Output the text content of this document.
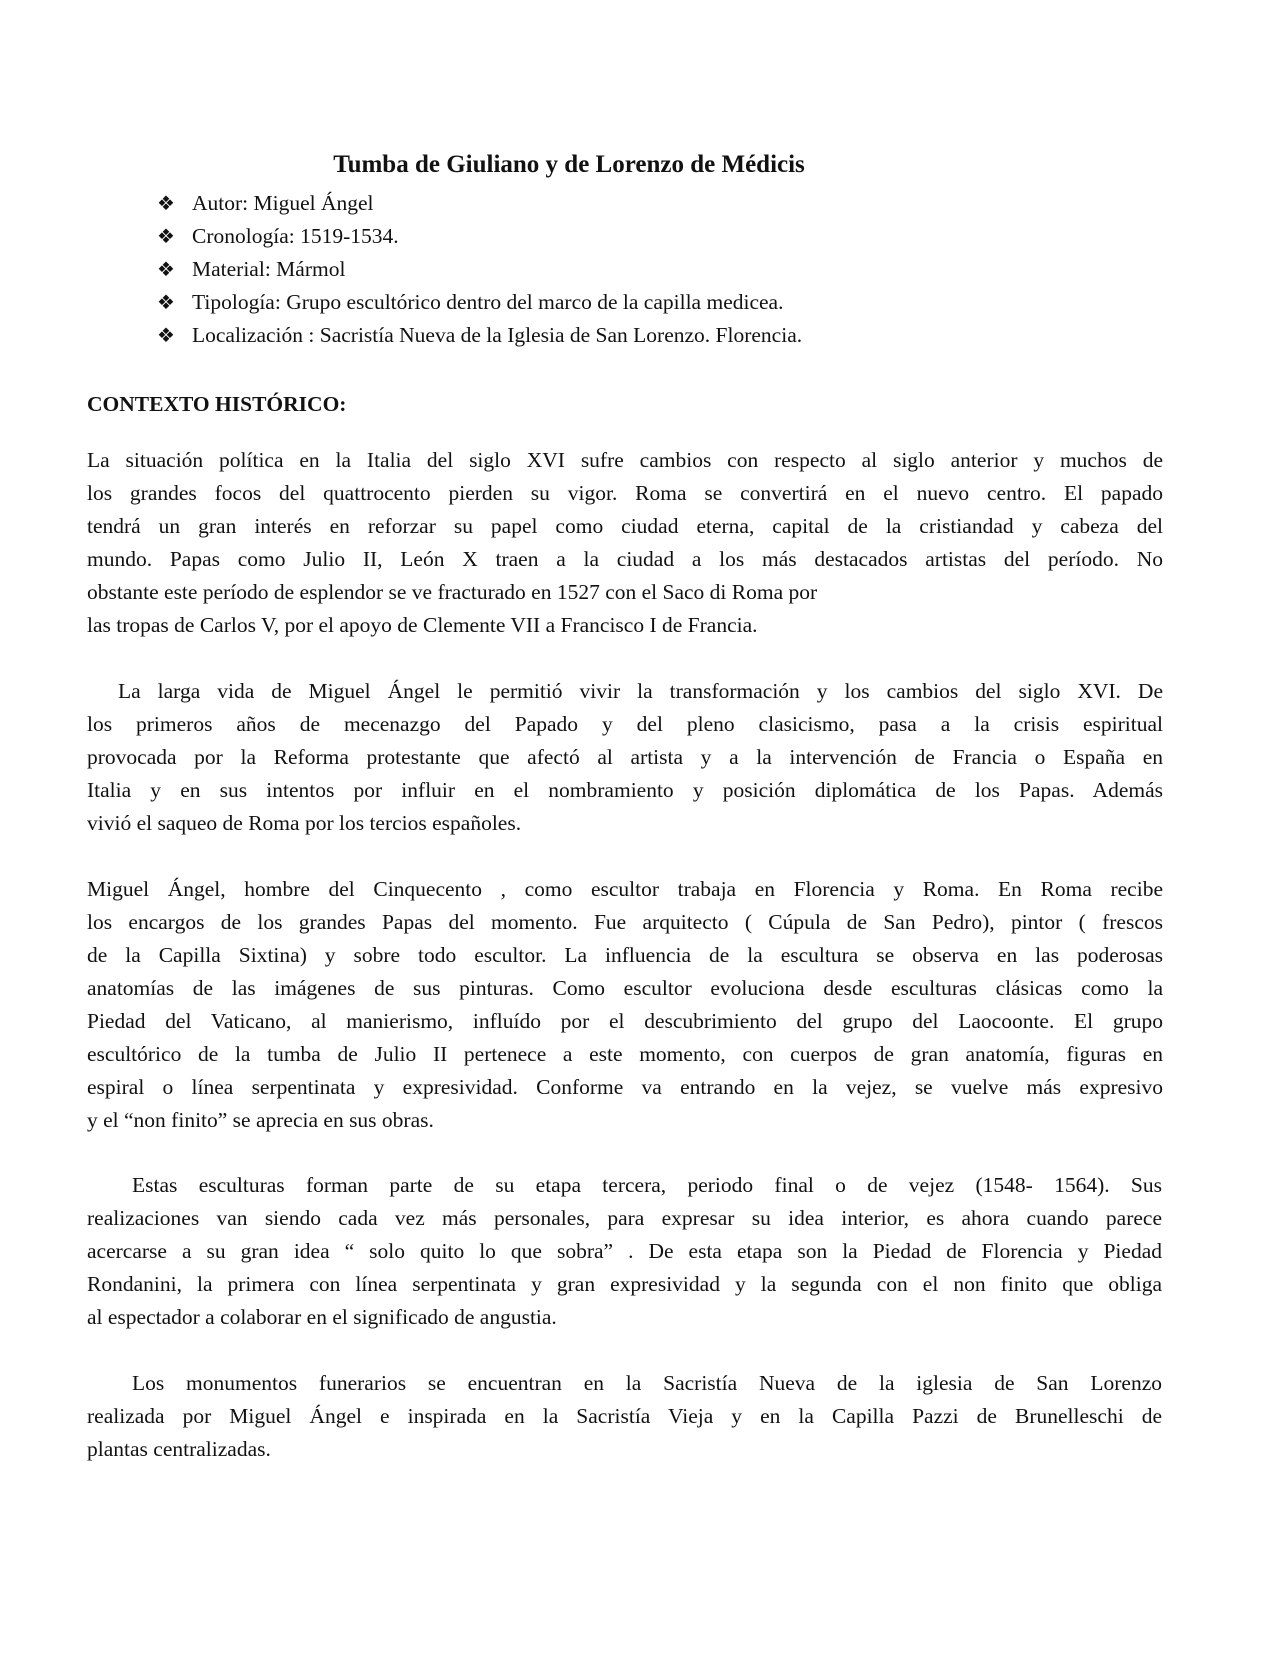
Tumba de Giuliano y de Lorenzo de Médicis
❖ Autor: Miguel Ángel
❖ Cronología: 1519-1534.
❖ Material: Mármol
❖ Tipología: Grupo escultórico dentro del marco de la capilla medicea.
❖ Localización : Sacristía Nueva de la Iglesia de San Lorenzo. Florencia.
CONTEXTO HISTÓRICO:
La situación política en la Italia del siglo XVI sufre cambios con respecto al siglo anterior y muchos de
los grandes focos del quattrocento pierden su vigor. Roma se convertirá en el nuevo centro. El papado
tendrá un gran interés en reforzar su papel como ciudad eterna, capital de la cristiandad y cabeza del
mundo. Papas como Julio II, León X traen a la ciudad a los más destacados artistas del período. No
obstante este período de esplendor se ve fracturado en 1527 con el Saco di Roma por
las tropas de Carlos V, por el apoyo de Clemente VII a Francisco I de Francia.
La larga vida de Miguel Ángel le permitió vivir la transformación y los cambios del siglo XVI. De
los primeros años de mecenazgo del Papado y del pleno clasicismo, pasa a la crisis espiritual
provocada por la Reforma protestante que afectó al artista y a la intervención de Francia o España en
Italia y en sus intentos por influir en el nombramiento y posición diplomática de los Papas. Además
vivió el saqueo de Roma por los tercios españoles.
Miguel Ángel, hombre del Cinquecento , como escultor trabaja en Florencia y Roma. En Roma recibe
los encargos de los grandes Papas del momento. Fue arquitecto ( Cúpula de San Pedro), pintor ( frescos
de la Capilla Sixtina) y sobre todo escultor. La influencia de la escultura se observa en las poderosas
anatomías de las imágenes de sus pinturas. Como escultor evoluciona desde esculturas clásicas como la
Piedad del Vaticano, al manierismo, influído por el descubrimiento del grupo del Laocoonte. El grupo
escultórico de la tumba de Julio II pertenece a este momento, con cuerpos de gran anatomía, figuras en
espiral o línea serpentinata y expresividad. Conforme va entrando en la vejez, se vuelve más expresivo
y el “non finito” se aprecia en sus obras.
Estas esculturas forman parte de su etapa tercera, periodo final o de vejez (1548- 1564). Sus
realizaciones van siendo cada vez más personales, para expresar su idea interior, es ahora cuando parece
acercarse a su gran idea “ solo quito lo que sobra” . De esta etapa son la Piedad de Florencia y Piedad
Rondanini, la primera con línea serpentinata y gran expresividad y la segunda con el non finito que obliga
al espectador a colaborar en el significado de angustia.
Los monumentos funerarios se encuentran en la Sacristía Nueva de la iglesia de San Lorenzo
realizada por Miguel Ángel e inspirada en la Sacristía Vieja y en la Capilla Pazzi de Brunelleschi de
plantas centralizadas.
